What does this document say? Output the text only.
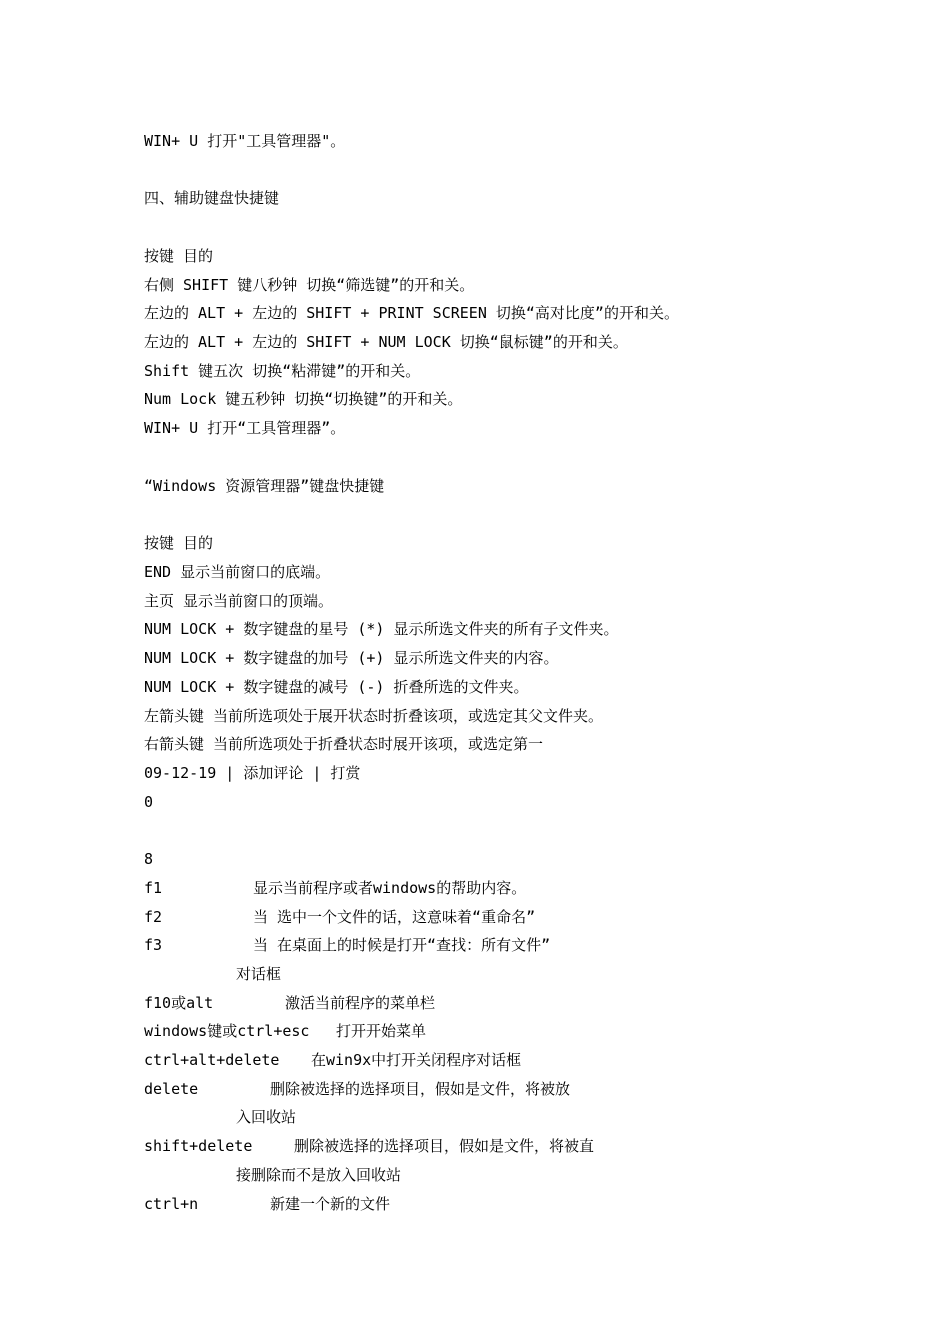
WIN+ U 打开"工具管理器"。
四、辅助键盘快捷键
按键 目的
右侧 SHIFT 键八秒钟 切换“筛选键”的开和关。
左边的 ALT + 左边的 SHIFT + PRINT SCREEN 切换“高对比度”的开和关。
左边的 ALT + 左边的 SHIFT + NUM LOCK 切换“鼠标键”的开和关。
Shift 键五次 切换“粘滞键”的开和关。
Num Lock 键五秒钟 切换“切换键”的开和关。
WIN+ U 打开“工具管理器”。
“Windows 资源管理器”键盘快捷键
按键 目的
END 显示当前窗口的底端。
主页 显示当前窗口的顶端。
NUM LOCK + 数字键盘的星号 (*) 显示所选文件夹的所有子文件夹。
NUM LOCK + 数字键盘的加号 (+) 显示所选文件夹的内容。
NUM LOCK + 数字键盘的减号 (-) 折叠所选的文件夹。
左箭头键 当前所选项处于展开状态时折叠该项，或选定其父文件夹。
右箭头键 当前所选项处于折叠状态时展开该项，或选定第一
09-12-19 | 添加评论 | 打赏
0
8
f1	显示当前程序或者windows的帮助内容。
f2	当 选中一个文件的话，这意味着“重命名”
f3	当 在桌面上的时候是打开“查找：所有文件”
对话框
f10或alt	激活当前程序的菜单栏
windows键或ctrl+esc 打开开始菜单
ctrl+alt+delete 在win9x中打开关闭程序对话框
delete	删除被选择的选择项目，假如是文件，将被放
入回收站
shift+delete	删除被选择的选择项目，假如是文件，将被直
接删除而不是放入回收站
ctrl+n	新建一个新的文件
